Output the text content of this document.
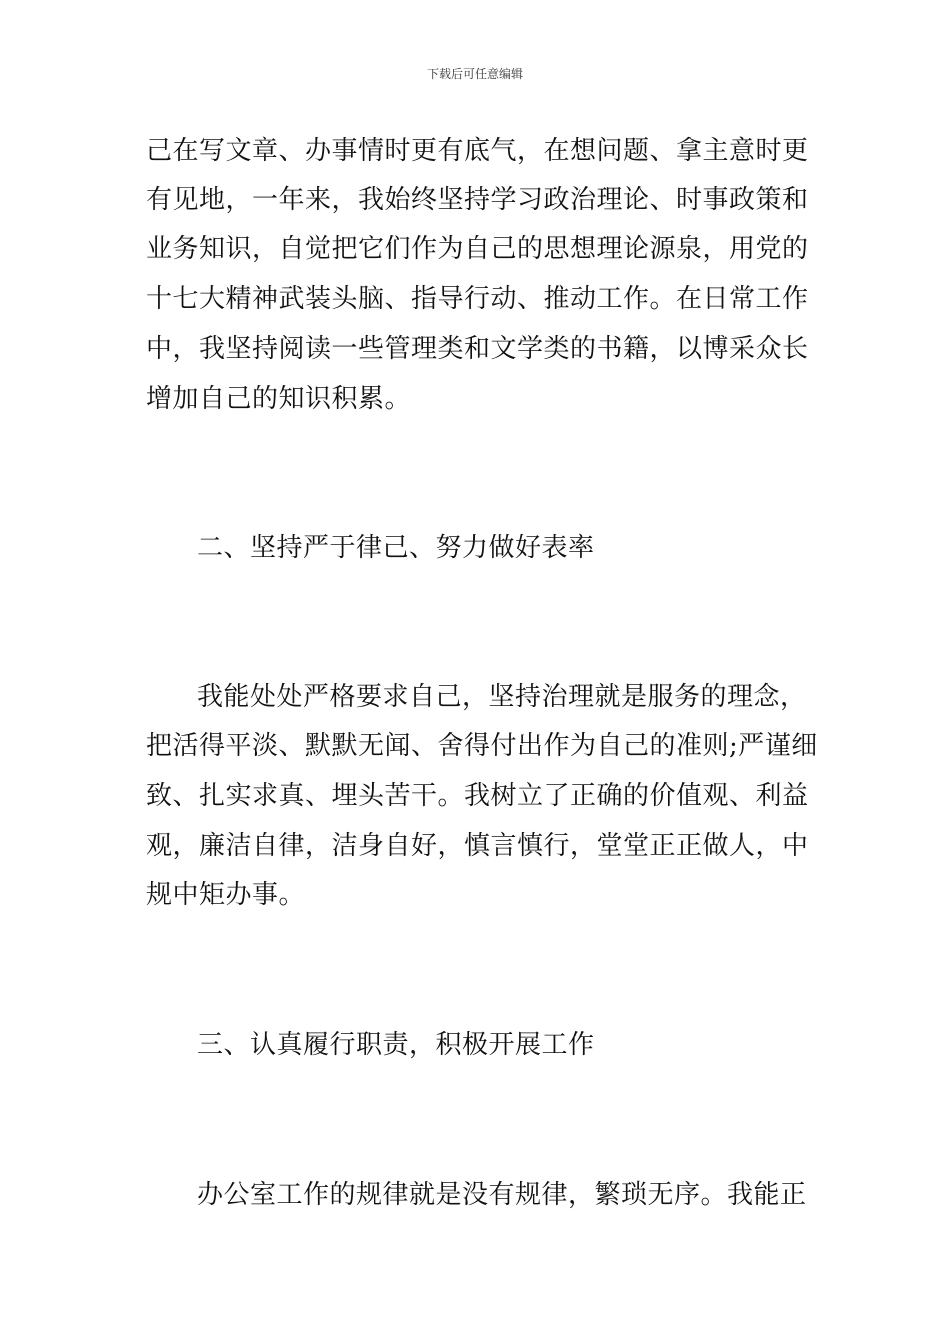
下载后可任意编辑
己在写文章、办事情时更有底气，在想问题、拿主意时更
有见地，一年来，我始终坚持学习政治理论、时事政策和
业务知识，自觉把它们作为自己的思想理论源泉，用党的
十七大精神武装头脑、指导行动、推动工作。在日常工作
中，我坚持阅读一些管理类和文学类的书籍，以博采众长
增加自己的知识积累。
二、坚持严于律己、努力做好表率
我能处处严格要求自己，坚持治理就是服务的理念，
把活得平淡、默默无闻、舍得付出作为自己的准则;严谨细
致、扎实求真、埋头苦干。我树立了正确的价值观、利益
观，廉洁自律，洁身自好，慎言慎行，堂堂正正做人，中
规中矩办事。
三、认真履行职责，积极开展工作
办公室工作的规律就是没有规律，繁琐无序。我能正
